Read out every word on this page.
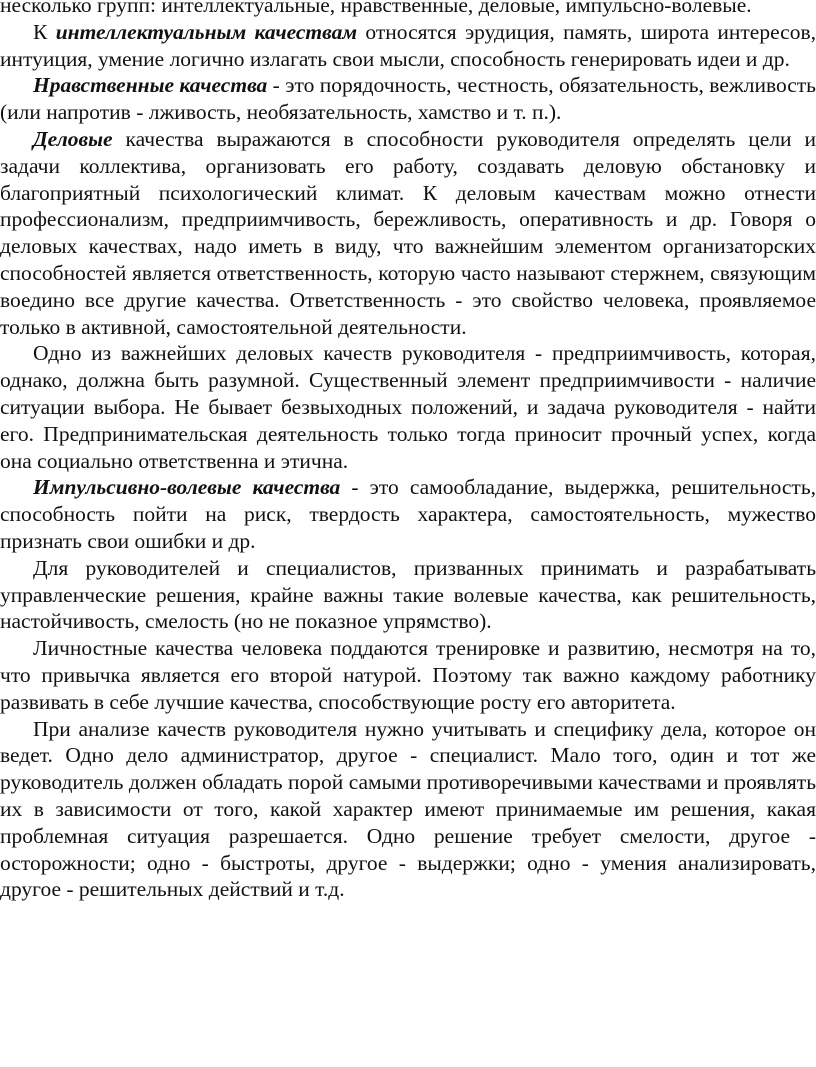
несколько групп: интеллектуальные, нравственные, деловые, импульсно-волевые.

К интеллектуальным качествам относятся эрудиция, память, широта интересов, интуиция, умение логично излагать свои мысли, способность генерировать идеи и др.

Нравственные качества - это порядочность, честность, обязательность, вежливость (или напротив - лживость, необязательность, хамство и т. п.).

Деловые качества выражаются в способности руководителя определять цели и задачи коллектива, организовать его работу, создавать деловую обстановку и благоприятный психологический климат. К деловым качествам можно отнести профессионализм, предприимчивость, бережливость, оперативность и др. Говоря о деловых качествах, надо иметь в виду, что важнейшим элементом организаторских способностей является ответственность, которую часто называют стержнем, связующим воедино все другие качества. Ответственность - это свойство человека, проявляемое только в активной, самостоятельной деятельности.

Одно из важнейших деловых качеств руководителя - предприимчивость, которая, однако, должна быть разумной. Существенный элемент предприимчивости - наличие ситуации выбора. Не бывает безвыходных положений, и задача руководителя - найти его. Предпринимательская деятельность только тогда приносит прочный успех, когда она социально ответственна и этична.

Импульсивно-волевые качества - это самообладание, выдержка, решительность, способность пойти на риск, твердость характера, самостоятельность, мужество признать свои ошибки и др.

Для руководителей и специалистов, призванных принимать и разрабатывать управленческие решения, крайне важны такие волевые качества, как решительность, настойчивость, смелость (но не показное упрямство).

Личностные качества человека поддаются тренировке и развитию, несмотря на то, что привычка является его второй натурой. Поэтому так важно каждому работнику развивать в себе лучшие качества, способствующие росту его авторитета.

При анализе качеств руководителя нужно учитывать и специфику дела, которое он ведет. Одно дело администратор, другое - специалист. Мало того, один и тот же руководитель должен обладать порой самыми противоречивыми качествами и проявлять их в зависимости от того, какой характер имеют принимаемые им решения, какая проблемная ситуация разрешается. Одно решение требует смелости, другое - осторожности; одно - быстроты, другое - выдержки; одно - умения анализировать, другое - решительных действий и т.д.
